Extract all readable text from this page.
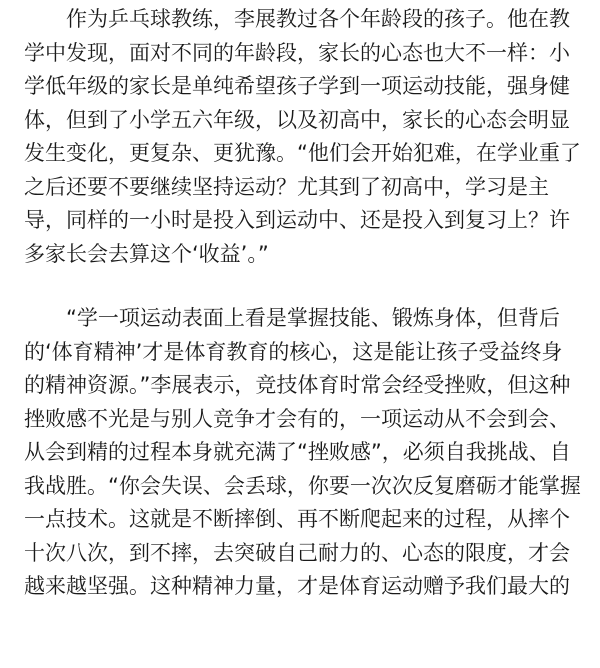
作为乒乓球教练，李展教过各个年龄段的孩子。他在教
学中发现，面对不同的年龄段，家长的心态也大不一样：小
学低年级的家长是单纯希望孩子学到一项运动技能，强身健
体，但到了小学五六年级，以及初高中，家长的心态会明显
发生变化，更复杂、更犹豫。“他们会开始犯难，在学业重了
之后还要不要继续坚持运动？尤其到了初高中，学习是主
导，同样的一小时是投入到运动中、还是投入到复习上？许
多家长会去算这个‘收益’。”
“学一项运动表面上看是掌握技能、锻炼身体，但背后
的‘体育精神’才是体育教育的核心，这是能让孩子受益终身
的精神资源。”李展表示，竞技体育时常会经受挫败，但这种
挫败感不光是与别人竞争才会有的，一项运动从不会到会、
从会到精的过程本身就充满了“挫败感”，必须自我挑战、自
我战胜。“你会失误、会丢球，你要一次次反复磨砺才能掌握
一点技术。这就是不断摔倒、再不断爬起来的过程，从摔个
十次八次，到不摔，去突破自己耐力的、心态的限度，才会
越来越坚强。这种精神力量，才是体育运动赠予我们最大的
